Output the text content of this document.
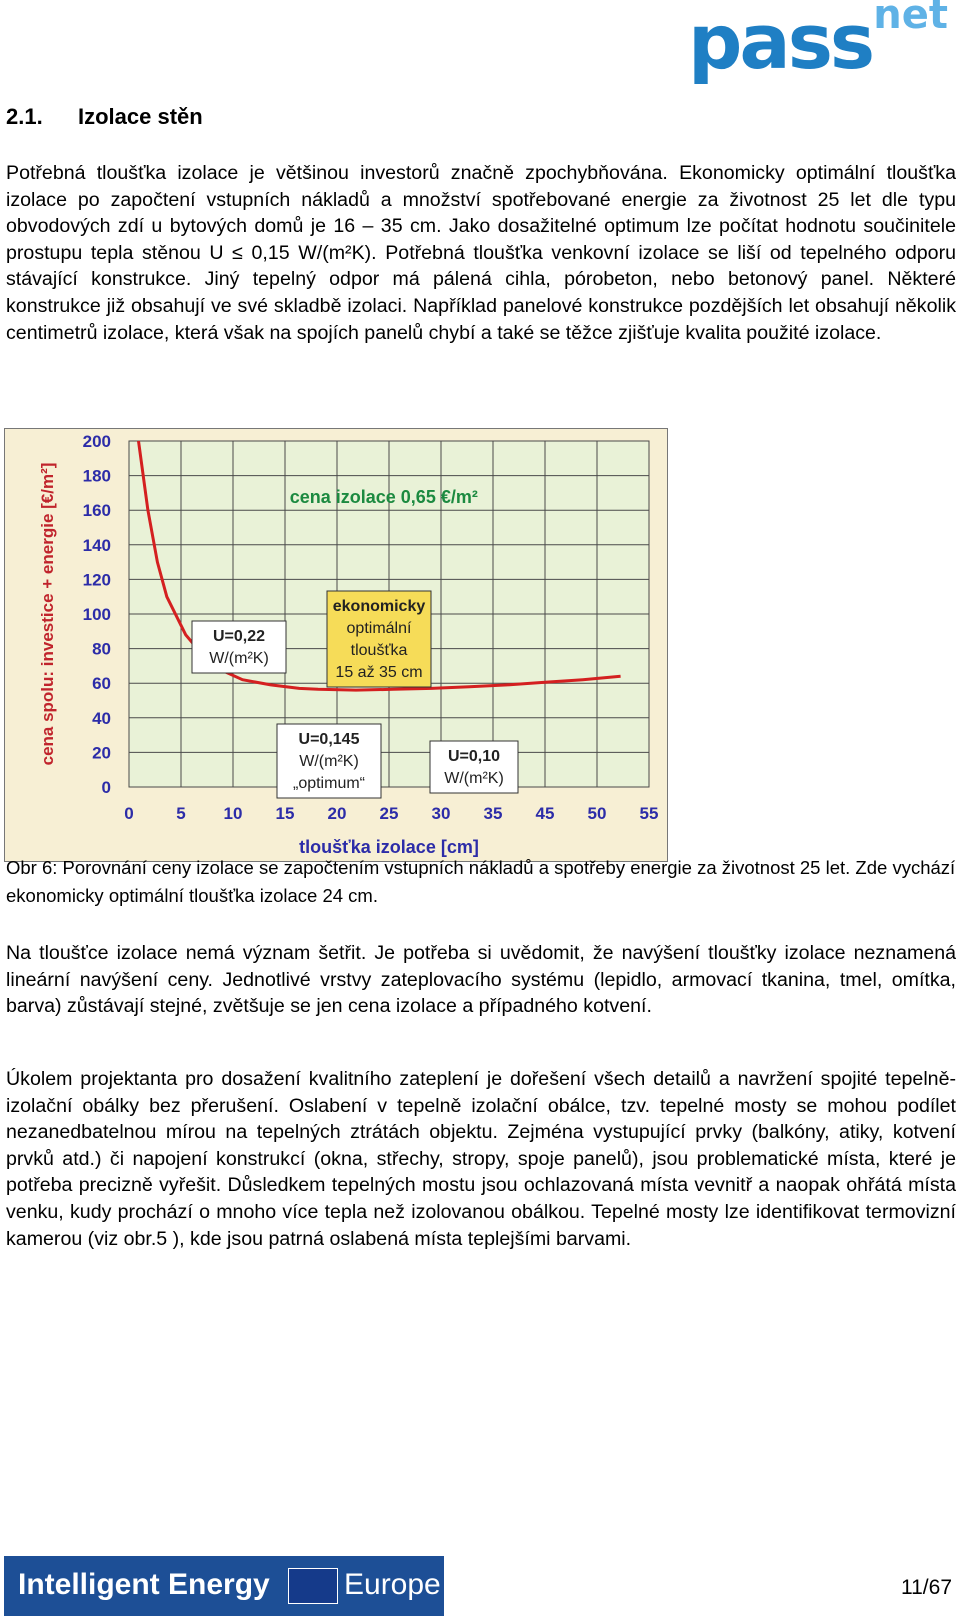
pass net
2.1. Izolace stěn

Potřebná tloušťka izolace je většinou investorů značně zpochybňována. Ekonomicky optimální tloušťka izolace po započtení vstupních nákladů a množství spotřebované energie za životnost 25 let dle typu obvodových zdí u bytových domů je 16 – 35 cm. Jako dosažitelné optimum lze počítat hodnotu součinitele prostupu tepla stěnou U ≤ 0,15 W/(m²K). Potřebná tloušťka venkovní izolace se liší od tepelného odporu stávající konstrukce. Jiný tepelný odpor má pálená cihla, pórobeton, nebo betonový panel. Některé konstrukce již obsahují ve své skladbě izolaci. Například panelové konstrukce pozdějších let obsahují několik centimetrů izolace, která však na spojích panelů chybí a také se těžce zjišťuje kvalita použité izolace.

0
20
40
60
80
100
120
140
160
180
200
0	5 10 15 20 25 30 35 45 50 55
tloušťka izolace [cm]
cena spolu: investice + energie [€/m²]	cena izolace 0,65 €/m²
U=0,22
W/(m²K)
ekonomicky
optimální
tloušťka
15 až 35 cm
U=0,145
W/(m²K)
„optimum“
U=0,10
W/(m²K)

Obr 6: Porovnání ceny izolace se započtením vstupních nákladů a spotřeby energie za životnost 25 let. Zde vychází ekonomicky optimální tloušťka izolace 24 cm.

Na tloušťce izolace nemá význam šetřit. Je potřeba si uvědomit, že navýšení tloušťky izolace neznamená lineární navýšení ceny. Jednotlivé vrstvy zateplovacího systému (lepidlo, armovací tkanina, tmel, omítka, barva) zůstávají stejné, zvětšuje se jen cena izolace a případného kotvení.

Úkolem projektanta pro dosažení kvalitního zateplení je dořešení všech detailů a navržení spojité tepelně-izolační obálky bez přerušení. Oslabení v tepelně izolační obálce, tzv. tepelné mosty se mohou podílet nezanedbatelnou mírou na tepelných ztrátách objektu. Zejména vystupující prvky (balkóny, atiky, kotvení prvků atd.) či napojení konstrukcí (okna, střechy, stropy, spoje panelů), jsou problematické místa, které je potřeba precizně vyřešit. Důsledkem tepelných mostu jsou ochlazovaná místa vevnitř a naopak ohřátá místa venku, kudy prochází o mnoho více tepla než izolovanou obálkou. Tepelné mosty lze identifikovat termovizní kamerou (viz obr.5 ), kde jsou patrná oslabená místa teplejšími barvami.

Intelligent Energy Europe	11/67
